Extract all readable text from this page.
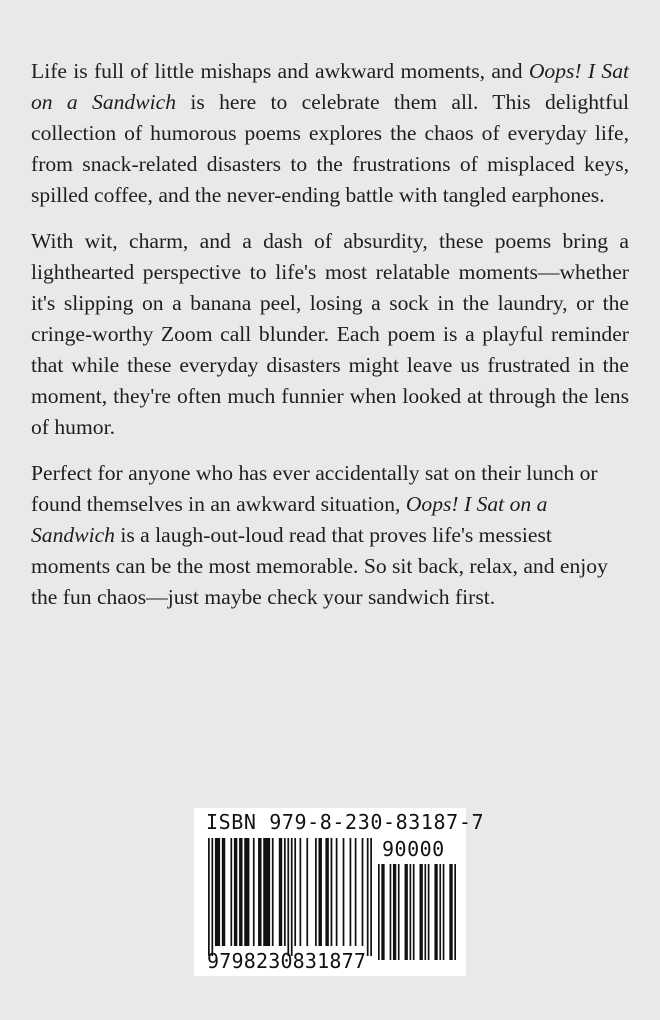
Life is full of little mishaps and awkward moments, and Oops! I Sat on a Sandwich is here to celebrate them all. This delightful collection of humorous poems explores the chaos of everyday life, from snack-related disasters to the frustrations of misplaced keys, spilled coffee, and the never-ending battle with tangled earphones.

With wit, charm, and a dash of absurdity, these poems bring a lighthearted perspective to life's most relatable moments—whether it's slipping on a banana peel, losing a sock in the laundry, or the cringe-worthy Zoom call blunder. Each poem is a playful reminder that while these everyday disasters might leave us frustrated in the moment, they're often much funnier when looked at through the lens of humor.

Perfect for anyone who has ever accidentally sat on their lunch or found themselves in an awkward situation, Oops! I Sat on a Sandwich is a laugh-out-loud read that proves life's messiest moments can be the most memorable. So sit back, relax, and enjoy the fun chaos—just maybe check your sandwich first.

ISBN 979-8-230-83187-7
90000
9798230831877
